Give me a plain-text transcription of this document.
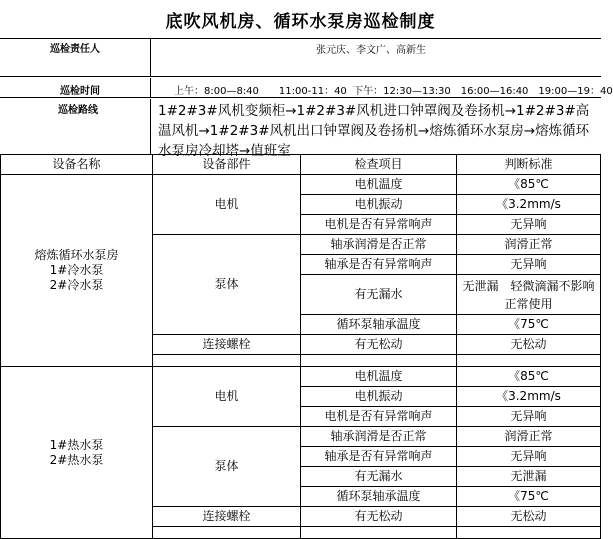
底吹风机房、循环水泵房巡检制度
巡检责任人	张元庆、李文广、高新生
巡检时间	上午：8:00—8:40　　11:00-11：40  下午：12:30—13:30　16:00—16:40　19:00—19：40
巡检路线	1#2#3#风机变频柜→1#2#3#风机进口钟罩阀及卷扬机→1#2#3#高温风机→1#2#3#风机出口钟罩阀及卷扬机→熔炼循环水泵房→熔炼循环水泵房冷却塔→值班室
设备名称	设备部件	检查项目	判断标准

熔炼循环水泵房
1#冷水泵
2#冷水泵	电机	电机温度	《85℃
		电机振动	《3.2mm/s
		电机是否有异常响声	无异响
	泵体	轴承润滑是否正常	润滑正常
		轴承是否有异常响声	无异响
		有无漏水	无泄漏　轻微滴漏不影响正常使用
		循环泵轴承温度	《75℃
	连接螺栓	有无松动	无松动

1#热水泵
2#热水泵	电机	电机温度	《85℃
		电机振动	《3.2mm/s
		电机是否有异常响声	无异响
	泵体	轴承润滑是否正常	润滑正常
		轴承是否有异常响声	无异响
		有无漏水	无泄漏
		循环泵轴承温度	《75℃
	连接螺栓	有无松动	无松动
